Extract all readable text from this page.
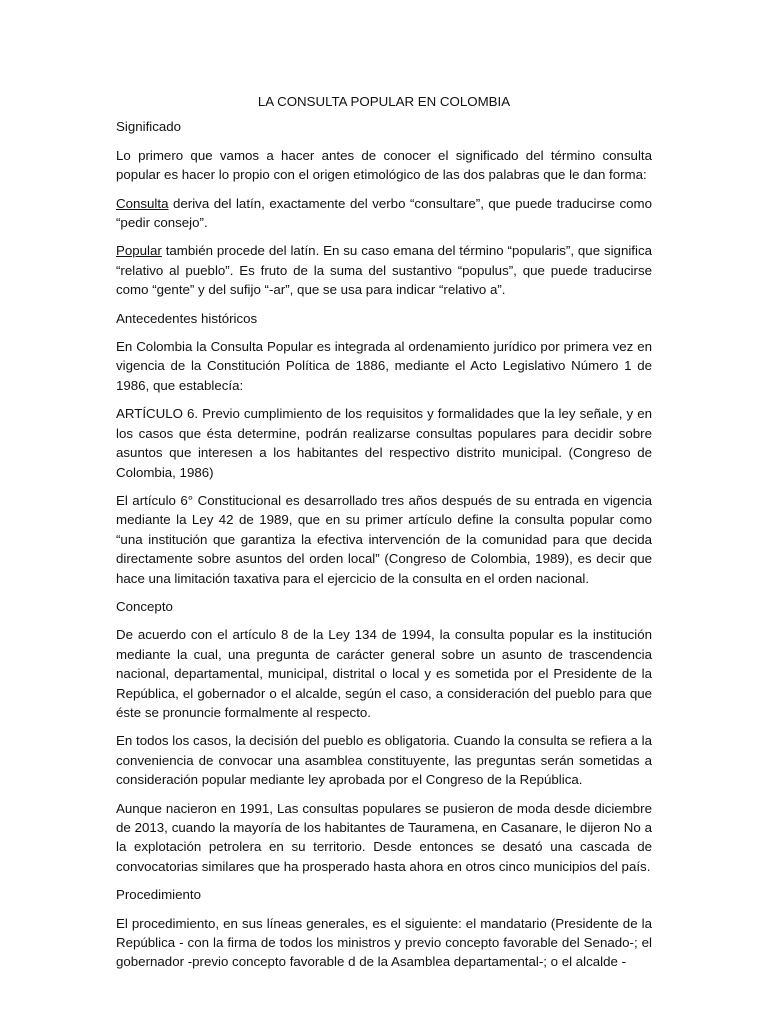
LA CONSULTA POPULAR EN COLOMBIA

Significado

Lo primero que vamos a hacer antes de conocer el significado del término consulta popular es hacer lo propio con el origen etimológico de las dos palabras que le dan forma:

Consulta deriva del latín, exactamente del verbo “consultare”, que puede traducirse como “pedir consejo”.

Popular también procede del latín. En su caso emana del término “popularis”, que significa “relativo al pueblo”. Es fruto de la suma del sustantivo “populus”, que puede traducirse como “gente” y del sufijo “-ar”, que se usa para indicar “relativo a”.

Antecedentes históricos

En Colombia la Consulta Popular es integrada al ordenamiento jurídico por primera vez en vigencia de la Constitución Política de 1886, mediante el Acto Legislativo Número 1 de 1986, que establecía:

ARTÍCULO 6. Previo cumplimiento de los requisitos y formalidades que la ley señale, y en los casos que ésta determine, podrán realizarse consultas populares para decidir sobre asuntos que interesen a los habitantes del respectivo distrito municipal. (Congreso de Colombia, 1986)

El artículo 6° Constitucional es desarrollado tres años después de su entrada en vigencia mediante la Ley 42 de 1989, que en su primer artículo define la consulta popular como “una institución que garantiza la efectiva intervención de la comunidad para que decida directamente sobre asuntos del orden local” (Congreso de Colombia, 1989), es decir que hace una limitación taxativa para el ejercicio de la consulta en el orden nacional.

Concepto

De acuerdo con el artículo 8 de la Ley 134 de 1994, la consulta popular es la institución mediante la cual, una pregunta de carácter general sobre un asunto de trascendencia nacional, departamental, municipal, distrital o local y es sometida por el Presidente de la República, el gobernador o el alcalde, según el caso, a consideración del pueblo para que éste se pronuncie formalmente al respecto.

En todos los casos, la decisión del pueblo es obligatoria. Cuando la consulta se refiera a la conveniencia de convocar una asamblea constituyente, las preguntas serán sometidas a consideración popular mediante ley aprobada por el Congreso de la República.

Aunque nacieron en 1991, Las consultas populares se pusieron de moda desde diciembre de 2013, cuando la mayoría de los habitantes de Tauramena, en Casanare, le dijeron No a la explotación petrolera en su territorio. Desde entonces se desató una cascada de convocatorias similares que ha prosperado hasta ahora en otros cinco municipios del país.

Procedimiento

El procedimiento, en sus líneas generales, es el siguiente: el mandatario (Presidente de la República - con la firma de todos los ministros y previo concepto favorable del Senado-; el gobernador -previo concepto favorable d de la Asamblea departamental-; o el alcalde -
